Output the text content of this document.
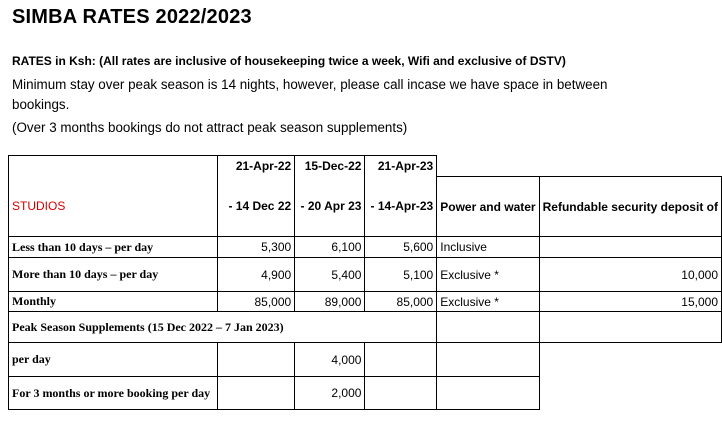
SIMBA RATES 2022/2023
RATES in Ksh: (All rates are inclusive of housekeeping twice a week, Wifi and exclusive of DSTV)
Minimum stay over peak season is 14 nights, however, please call incase we have space in between bookings.
(Over 3 months bookings do not attract peak season supplements)
	21-Apr-22	15-Dec-22	21-Apr-23		
STUDIOS	- 14 Dec 22	- 20 Apr 23	- 14-Apr-23	Power and water	Refundable security deposit of
Less than 10 days – per day	5,300	6,100	5,600	Inclusive	
More than 10 days – per day	4,900	5,400	5,100	Exclusive *	10,000
Monthly	85,000	89,000	85,000	Exclusive *	15,000
Peak Season Supplements (15 Dec 2022 – 7 Jan 2023)					
per day		4,000			
For 3 months or more booking per day		2,000			
